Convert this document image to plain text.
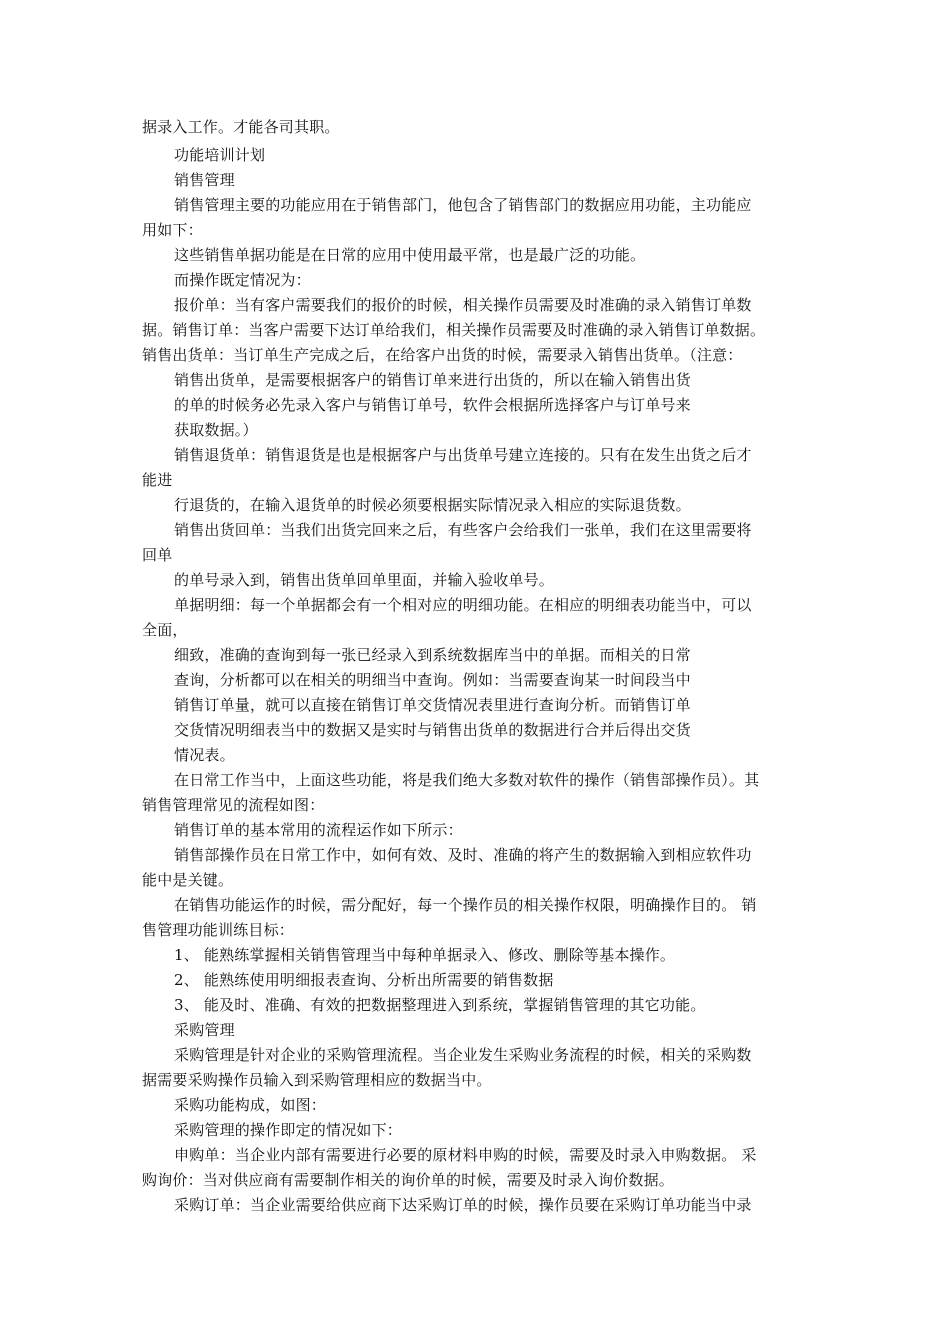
据录入工作。才能各司其职。
功能培训计划
销售管理
销售管理主要的功能应用在于销售部门，他包含了销售部门的数据应用功能，主功能应
用如下：
这些销售单据功能是在日常的应用中使用最平常，也是最广泛的功能。
而操作既定情况为：
报价单：当有客户需要我们的报价的时候，相关操作员需要及时准确的录入销售订单数
据。销售订单：当客户需要下达订单给我们，相关操作员需要及时准确的录入销售订单数据。
销售出货单：当订单生产完成之后，在给客户出货的时候，需要录入销售出货单。（注意：
销售出货单，是需要根据客户的销售订单来进行出货的，所以在输入销售出货
的单的时候务必先录入客户与销售订单号，软件会根据所选择客户与订单号来
获取数据。）
销售退货单：销售退货是也是根据客户与出货单号建立连接的。只有在发生出货之后才
能进
行退货的，在输入退货单的时候必须要根据实际情况录入相应的实际退货数。
销售出货回单：当我们出货完回来之后，有些客户会给我们一张单，我们在这里需要将
回单
的单号录入到，销售出货单回单里面，并输入验收单号。
单据明细：每一个单据都会有一个相对应的明细功能。在相应的明细表功能当中，可以
全面，
细致，准确的查询到每一张已经录入到系统数据库当中的单据。而相关的日常
查询，分析都可以在相关的明细当中查询。例如：当需要查询某一时间段当中
销售订单量，就可以直接在销售订单交货情况表里进行查询分析。而销售订单
交货情况明细表当中的数据又是实时与销售出货单的数据进行合并后得出交货
情况表。
在日常工作当中，上面这些功能，将是我们绝大多数对软件的操作（销售部操作员）。其
销售管理常见的流程如图：
销售订单的基本常用的流程运作如下所示：
销售部操作员在日常工作中，如何有效、及时、准确的将产生的数据输入到相应软件功
能中是关键。
在销售功能运作的时候，需分配好，每一个操作员的相关操作权限，明确操作目的。 销
售管理功能训练目标：
1、 能熟练掌握相关销售管理当中每种单据录入、修改、删除等基本操作。
2、 能熟练使用明细报表查询、分析出所需要的销售数据
3、 能及时、准确、有效的把数据整理进入到系统，掌握销售管理的其它功能。
采购管理
采购管理是针对企业的采购管理流程。当企业发生采购业务流程的时候，相关的采购数
据需要采购操作员输入到采购管理相应的数据当中。
采购功能构成，如图：
采购管理的操作即定的情况如下：
申购单：当企业内部有需要进行必要的原材料申购的时候，需要及时录入申购数据。 采
购询价：当对供应商有需要制作相关的询价单的时候，需要及时录入询价数据。
采购订单：当企业需要给供应商下达采购订单的时候，操作员要在采购订单功能当中录
